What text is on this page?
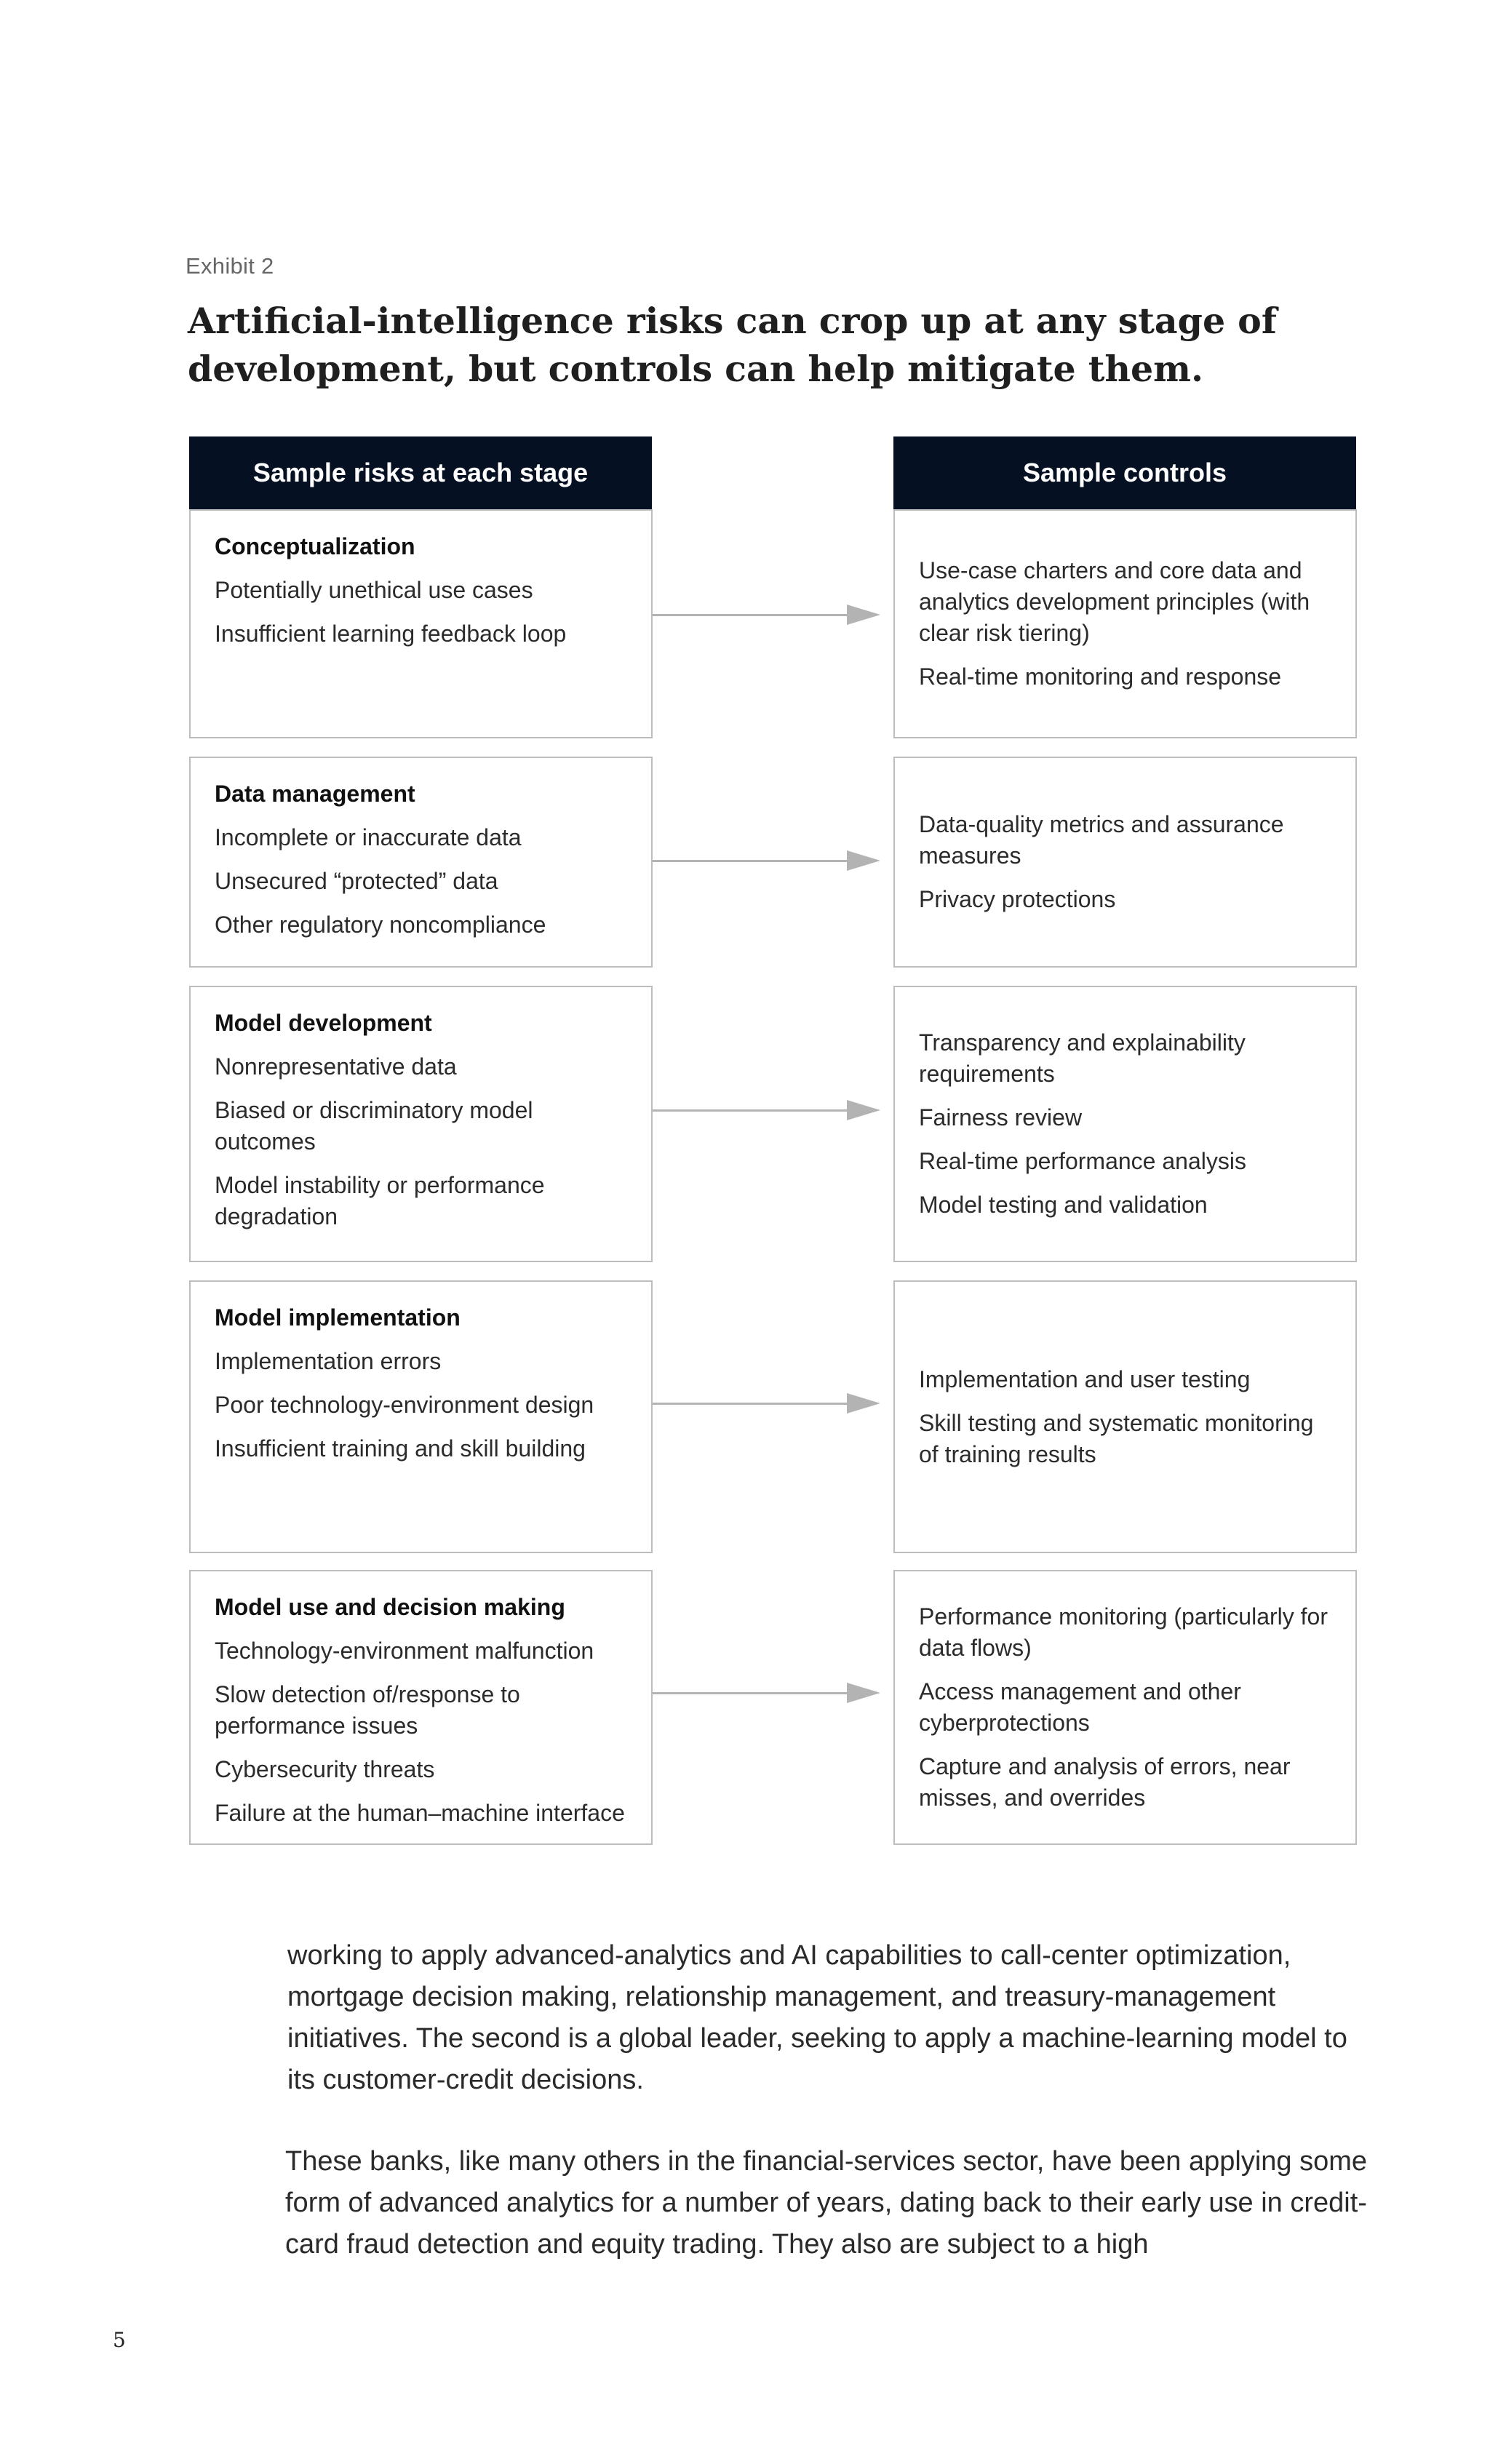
Exhibit 2
Artificial-intelligence risks can crop up at any stage of development, but controls can help mitigate them.
Sample risks at each stage	Sample controls
Conceptualization
Potentially unethical use cases
Insufficient learning feedback loop
Use-case charters and core data and analytics development principles (with clear risk tiering)
Real-time monitoring and response
Data management
Incomplete or inaccurate data
Unsecured “protected” data
Other regulatory noncompliance
Data-quality metrics and assurance measures
Privacy protections
Model development
Nonrepresentative data
Biased or discriminatory model outcomes
Model instability or performance degradation
Transparency and explainability requirements
Fairness review
Real-time performance analysis
Model testing and validation
Model implementation
Implementation errors
Poor technology-environment design
Insufficient training and skill building
Implementation and user testing
Skill testing and systematic monitoring of training results
Model use and decision making
Technology-environment malfunction
Slow detection of/response to performance issues
Cybersecurity threats
Failure at the human–machine interface
Performance monitoring (particularly for data flows)
Access management and other cyberprotections
Capture and analysis of errors, near misses, and overrides
working to apply advanced-analytics and AI capabilities to call-center optimization, mortgage decision making, relationship management, and treasury-management initiatives. The second is a global leader, seeking to apply a machine-learning model to its customer-credit decisions.
These banks, like many others in the financial-services sector, have been applying some form of advanced analytics for a number of years, dating back to their early use in credit-card fraud detection and equity trading. They also are subject to a high
5
